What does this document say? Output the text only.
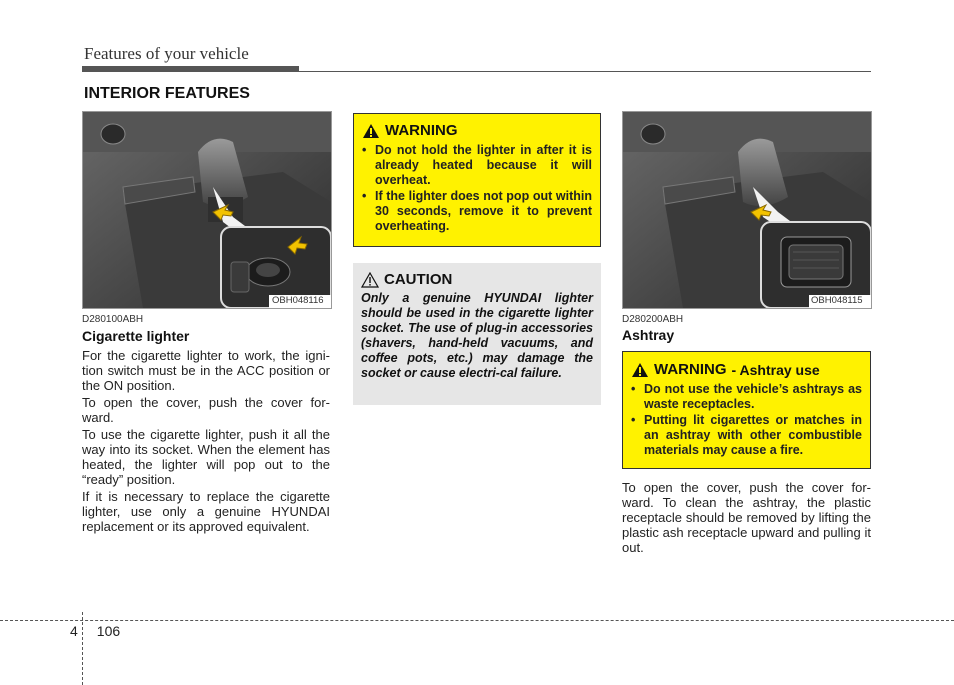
Features of your vehicle
INTERIOR FEATURES
OBH048116
D280100ABH
Cigarette lighter

For the cigarette lighter to work, the igni-tion switch must be in the ACC position or the ON position.

To open the cover, push the cover for-ward.

To use the cigarette lighter, push it all the way into its socket. When the element has heated, the lighter will pop out to the “ready” position.

If it is necessary to replace the cigarette lighter, use only a genuine HYUNDAI replacement or its approved equivalent.

WARNING
• Do not hold the lighter in after it is already heated because it will overheat.
• If the lighter does not pop out within 30 seconds, remove it to prevent overheating.
CAUTION
Only a genuine HYUNDAI lighter should be used in the cigarette lighter socket. The use of plug-in accessories (shavers, hand-held vacuums, and coffee pots, etc.) may damage the socket or cause electri-cal failure.
OBH048115
D280200ABH
Ashtray
WARNING - Ashtray use
• Do not use the vehicle’s ashtrays as waste receptacles.
• Putting lit cigarettes or matches in an ashtray with other combustible materials may cause a fire.
To open the cover, push the cover for-ward. To clean the ashtray, the plastic receptacle should be removed by lifting the plastic ash receptacle upward and pulling it out.
4 106
